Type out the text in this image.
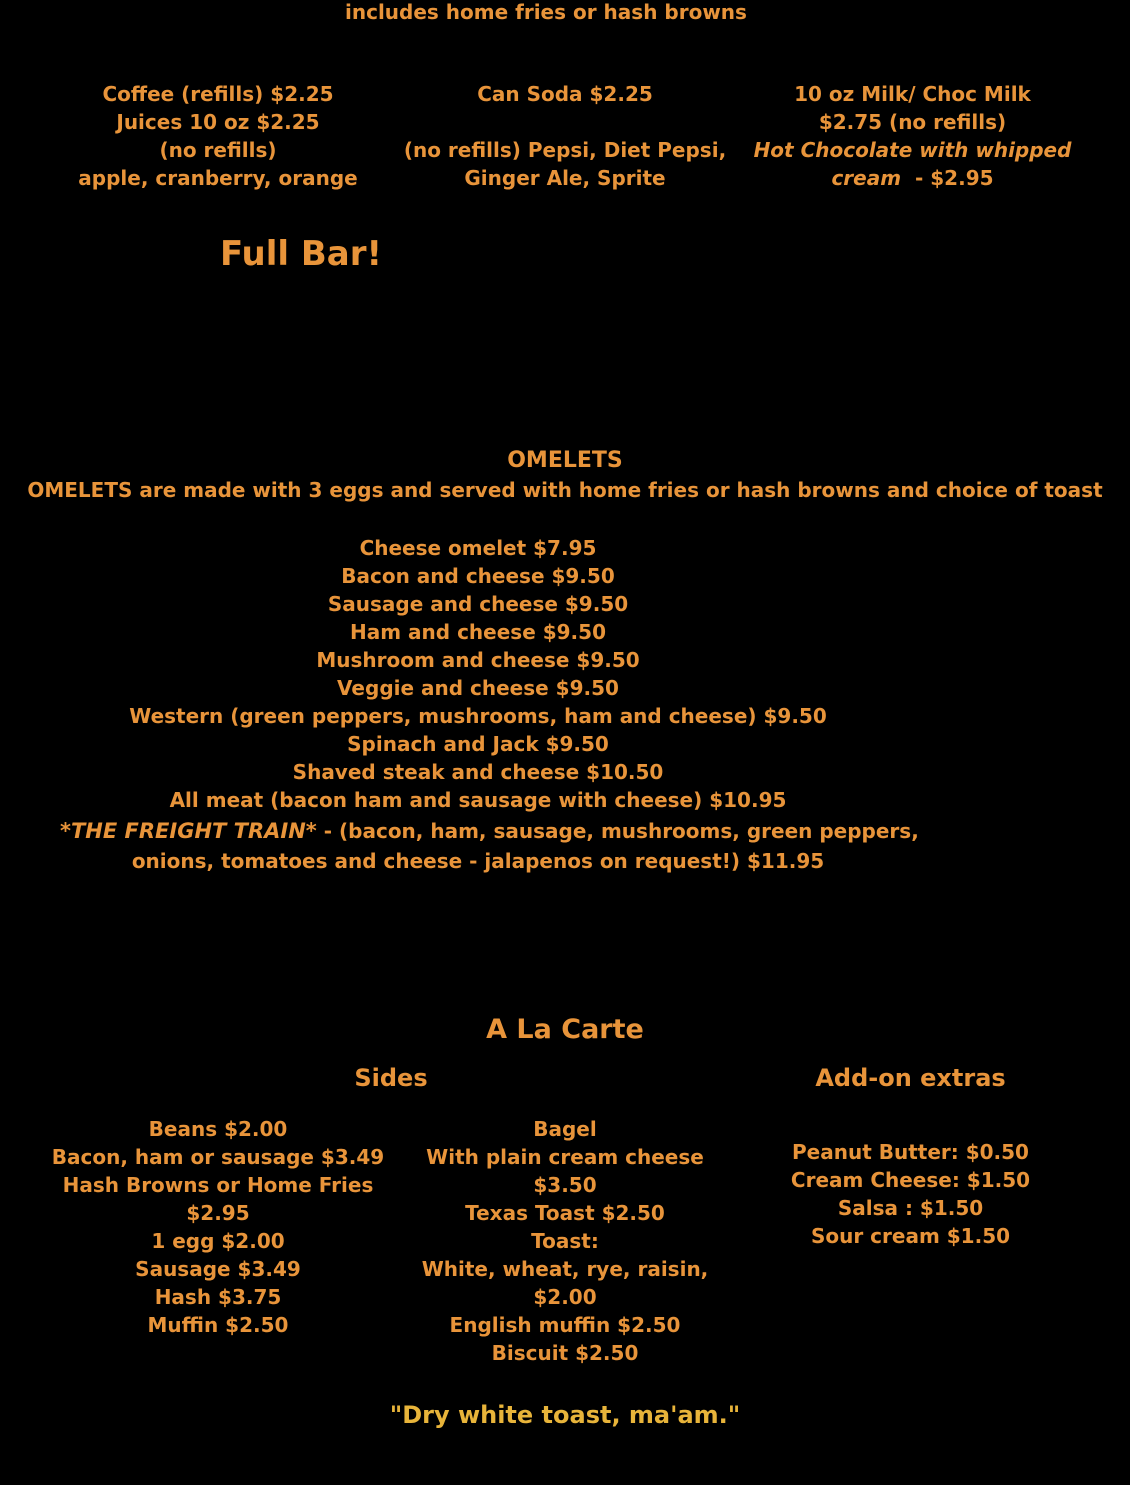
includes home fries or hash browns
Coffee (refills) $2.25
Juices 10 oz $2.25
(no refills)
apple, cranberry, orange
Can Soda $2.25

(no refills) Pepsi, Diet Pepsi,
Ginger Ale, Sprite
10 oz Milk/ Choc Milk
$2.75 (no refills)
Hot Chocolate with whipped
cream  - $2.95
Full Bar!
OMELETS
OMELETS are made with 3 eggs and served with home fries or hash browns and choice of toast
Cheese omelet $7.95
Bacon and cheese $9.50
Sausage and cheese $9.50
Ham and cheese $9.50
Mushroom and cheese $9.50
Veggie and cheese $9.50
Western (green peppers, mushrooms, ham and cheese) $9.50
Spinach and Jack $9.50
Shaved steak and cheese $10.50
All meat (bacon ham and sausage with cheese) $10.95
*THE FREIGHT TRAIN* - (bacon, ham, sausage, mushrooms, green peppers,
onions, tomatoes and cheese - jalapenos on request!) $11.95
A La Carte
Sides	Add-on extras
Beans $2.00
Bacon, ham or sausage $3.49
Hash Browns or Home Fries
$2.95
1 egg $2.00
Sausage $3.49
Hash $3.75
Muffin $2.50
Bagel
With plain cream cheese
$3.50
Texas Toast $2.50
Toast:
White, wheat, rye, raisin,
$2.00
English muffin $2.50
Biscuit $2.50
Peanut Butter: $0.50
Cream Cheese: $1.50
Salsa : $1.50
Sour cream $1.50
"Dry white toast, ma'am."
